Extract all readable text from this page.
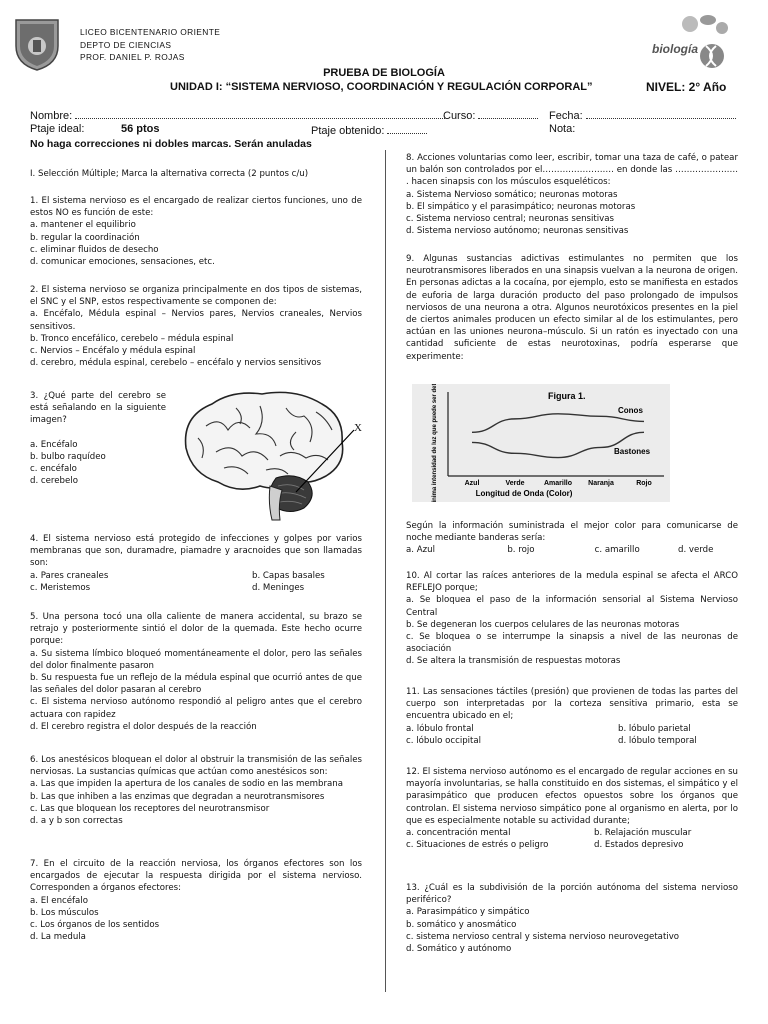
LICEO BICENTENARIO ORIENTE
DEPTO DE CIENCIAS
PROF. DANIEL P. ROJAS
biología
PRUEBA DE BIOLOGÍA
UNIDAD I: “SISTEMA NERVIOSO, COORDINACIÓN Y REGULACIÓN CORPORAL”	NIVEL: 2° Año
Nombre:	Curso:	Fecha:
Ptaje ideal:	56 ptos	Ptaje obtenido:	Nota:
No haga correcciones ni dobles marcas. Serán anuladas

I. Selección Múltiple; Marca la alternativa correcta (2 puntos c/u)

1. El sistema nervioso es el encargado de realizar ciertos funciones, uno de estos NO es función de este:

a. mantener el equilibrio

b. regular la coordinación

c. eliminar fluidos de desecho

d. comunicar emociones, sensaciones, etc.

2. El sistema nervioso se organiza principalmente en dos tipos de sistemas, el SNC y el SNP, estos respectivamente se componen de:

a. Encéfalo, Médula espinal – Nervios pares, Nervios craneales, Nervios sensitivos.

b. Tronco encefálico, cerebelo – médula espinal

c. Nervios – Encéfalo y médula espinal

d. cerebro, médula espinal, cerebelo – encéfalo y nervios sensitivos

3. ¿Qué parte del cerebro se está señalando en la siguiente imagen?

a. Encéfalo

b. bulbo raquídeo

c. encéfalo

d. cerebelo

X

4. El sistema nervioso está protegido de infecciones y golpes por varios membranas que son, duramadre, piamadre y aracnoides que son llamadas son:

a. Pares craneales	b. Capas basales
c. Meristemos	d. Meninges

5. Una persona tocó una olla caliente de manera accidental, su brazo se retrajo y posteriormente sintió el dolor de la quemada. Este hecho ocurre porque:

a. Su sistema límbico bloqueó momentáneamente el dolor, pero las señales del dolor finalmente pasaron

b. Su respuesta fue un reflejo de la médula espinal que ocurrió antes de que las señales del dolor pasaran al cerebro

c. El sistema nervioso autónomo respondió al peligro antes que el cerebro actuara con rapidez

d. El cerebro registra el dolor después de la reacción

6. Los anestésicos bloquean el dolor al obstruir la transmisión de las señales nerviosas. La sustancias químicas que actúan como anestésicos son:

a. Las que impiden la apertura de los canales de sodio en las membrana

b. Las que inhiben a las enzimas que degradan a neurotransmisores

c. Las que bloquean los receptores del neurotransmisor

d. a y b son correctas

7. En el circuito de la reacción nerviosa, los órganos efectores son los encargados de ejecutar la respuesta dirigida por el sistema nervioso. Corresponden a órganos efectores:

a. El encéfalo

b. Los músculos

c. Los órganos de los sentidos

d. La medula

8. Acciones voluntarias como leer, escribir, tomar una taza de café, o patear un balón son controlados por el……………………. en donde las …………………. . hacen sinapsis con los músculos esqueléticos:

a. Sistema Nervioso somático; neuronas motoras

b. El simpático y el parasimpático; neuronas motoras

c. Sistema nervioso central; neuronas sensitivas

d. Sistema nervioso autónomo; neuronas sensitivas

9. Algunas sustancias adictivas estimulantes no permiten que los neurotransmisores liberados en una sinapsis vuelvan a la neurona de origen. En personas adictas a la cocaína, por ejemplo, esto se manifiesta en estados de euforia de larga duración producto del paso prolongado de impulsos nerviosos de una neurona a otra. Algunos neurotóxicos presentes en la piel de ciertos animales producen un efecto similar al de los estimulantes, pero actúan en las uniones neurona–músculo. Si un ratón es inyectado con una cantidad suficiente de estas neurotoxinas, podría esperarse que experimente:

Figura 1.
Conos
Bastones
Azul	Verde	Amarillo Naranja	Rojo
Longitud de Onda (Color)
Mínima intensidad de luz que puede ser detectada

Según la información suministrada el mejor color para comunicarse de noche mediante banderas sería:

a. Azul	b. rojo	c. amarillo	d. verde

10. Al cortar las raíces anteriores de la medula espinal se afecta el ARCO REFLEJO porque;

a. Se bloquea el paso de la información sensorial al Sistema Nervioso Central

b. Se degeneran los cuerpos celulares de las neuronas motoras

c. Se bloquea o se interrumpe la sinapsis a nivel de las neuronas de asociación

d. Se altera la transmisión de respuestas motoras

11. Las sensaciones táctiles (presión) que provienen de todas las partes del cuerpo son interpretadas por la corteza sensitiva primario, esta se encuentra ubicado en el;

a. lóbulo frontal	b. lóbulo parietal
c. lóbulo occipital	d. lóbulo temporal

12. El sistema nervioso autónomo es el encargado de regular acciones en su mayoría involuntarias, se halla constituido en dos sistemas, el simpático y el parasimpático que producen efectos opuestos sobre los órganos que controlan. El sistema nervioso simpático pone al organismo en alerta, por lo que es especialmente notable su actividad durante;

a. concentración mental	b. Relajación muscular
c. Situaciones de estrés o peligro	d. Estados depresivo

13. ¿Cuál es la subdivisión de la porción autónoma del sistema nervioso periférico?

a. Parasimpático y simpático

b. somático y anosmático

c. sistema nervioso central y sistema nervioso neurovegetativo

d. Somático y autónomo
